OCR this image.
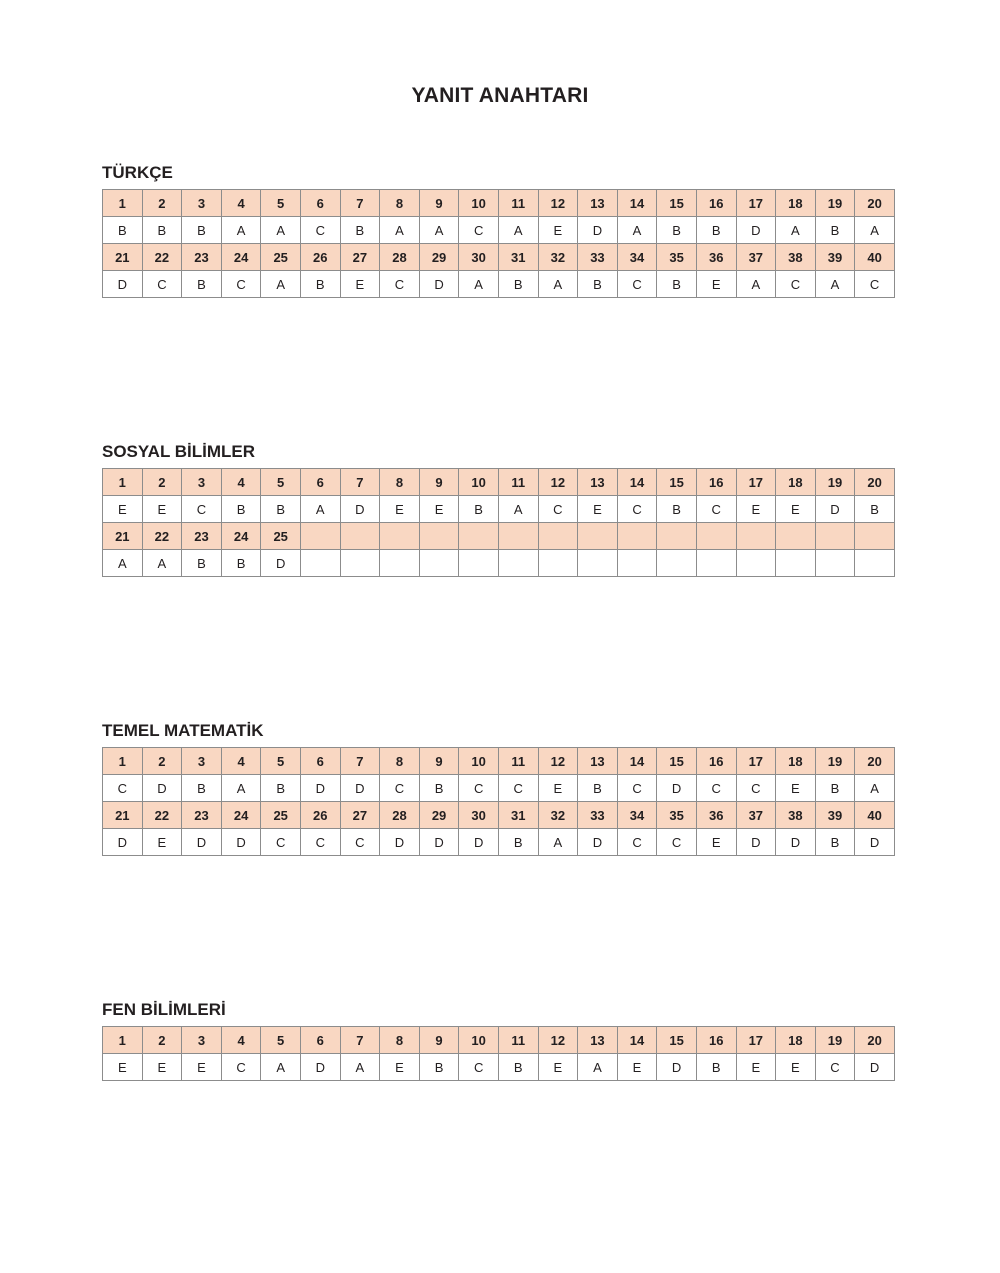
YANIT ANAHTARI
TÜRKÇE
1	2	3	4	5	6	7	8	9	10	11	12	13	14	15	16	17	18	19	20
B	B	B	A	A	C	B	A	A	C	A	E	D	A	B	B	D	A	B	A
21	22	23	24	25	26	27	28	29	30	31	32	33	34	35	36	37	38	39	40
D	C	B	C	A	B	E	C	D	A	B	A	B	C	B	E	A	C	A	C
SOSYAL BİLİMLER
1	2	3	4	5	6	7	8	9	10	11	12	13	14	15	16	17	18	19	20
E	E	C	B	B	A	D	E	E	B	A	C	E	C	B	C	E	E	D	B
21	22	23	24	25															
A	A	B	B	D															
TEMEL MATEMATİK
1	2	3	4	5	6	7	8	9	10	11	12	13	14	15	16	17	18	19	20
C	D	B	A	B	D	D	C	B	C	C	E	B	C	D	C	C	E	B	A
21	22	23	24	25	26	27	28	29	30	31	32	33	34	35	36	37	38	39	40
D	E	D	D	C	C	C	D	D	D	B	A	D	C	C	E	D	D	B	D
FEN BİLİMLERİ
1	2	3	4	5	6	7	8	9	10	11	12	13	14	15	16	17	18	19	20
E	E	E	C	A	D	A	E	B	C	B	E	A	E	D	B	E	E	C	D
